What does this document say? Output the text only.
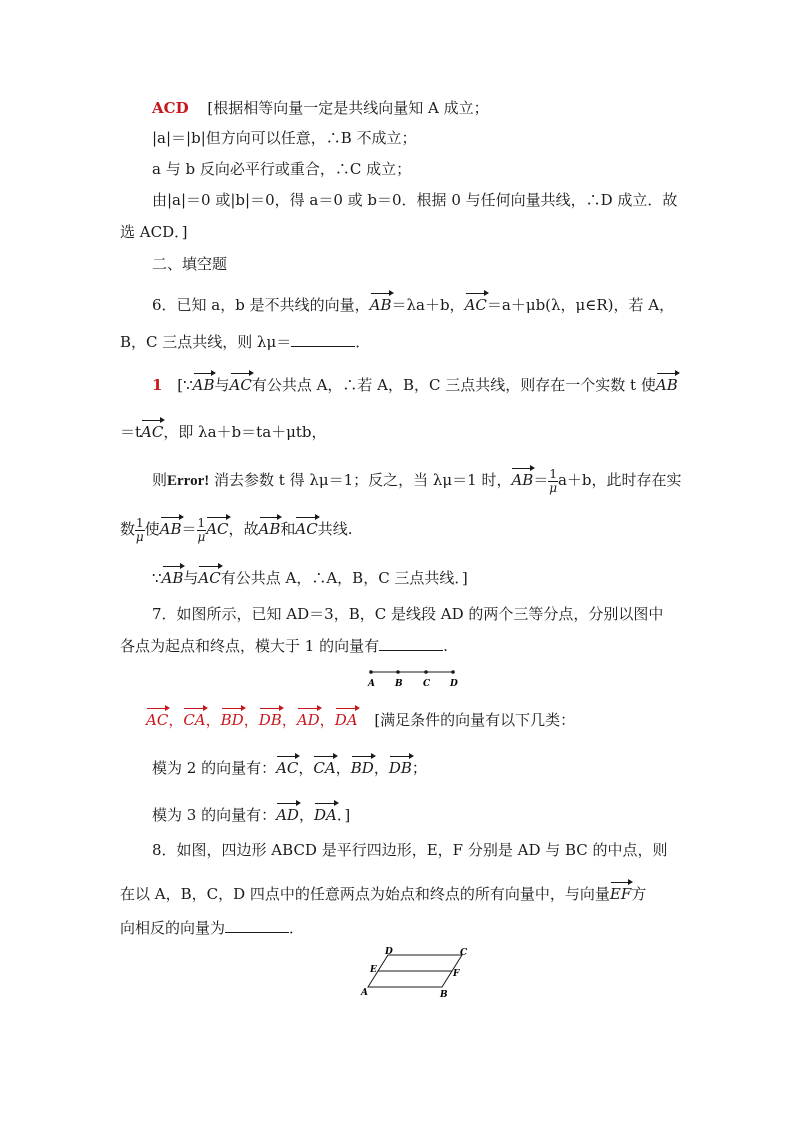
ACD [根据相等向量一定是共线向量知 A 成立；
|a|＝|b|但方向可以任意，∴B 不成立；
a 与 b 反向必平行或重合，∴C 成立；
由|a|＝0 或|b|＝0，得 a＝0 或 b＝0．根据 0 与任何向量共线，∴D 成立．故
选 ACD．]
二、填空题
6．已知 a，b 是不共线的向量，AB＝λa＋b，AC＝a＋μb(λ，μ∈R)，若 A，
B，C 三点共线，则 λμ＝	．
1 [∵AB与AC有公共点 A，∴若 A，B，C 三点共线，则存在一个实数 t 使AB
＝tAC，即 λa＋b＝ta＋μtb，
则Error! 消去参数 t 得 λμ＝1；反之，当 λμ＝1 时，$AB= \frac{1}{\mu} a+b$，此时存在实
数 $\frac{1}{\mu}$ 使$AB= \frac{1}{\mu}$ AC，故AB和AC共线.
∵AB与AC有公共点 A，∴A，B，C 三点共线．]
7．如图所示，已知 AD＝3，B，C 是线段 AD 的两个三等分点，分别以图中
各点为起点和终点，模大于 1 的向量有	.
A B C D
AC，CA，BD，DB，AD，DA [满足条件的向量有以下几类：
模为 2 的向量有：AC，CA，BD，DB；
模为 3 的向量有：AD，DA．]
8．如图，四边形 ABCD 是平行四边形，E，F 分别是 AD 与 BC 的中点，则
在以 A，B，C，D 四点中的任意两点为始点和终点的所有向量中，与向量EF方
向相反的向量为	．
A	B
C
D
E	F
